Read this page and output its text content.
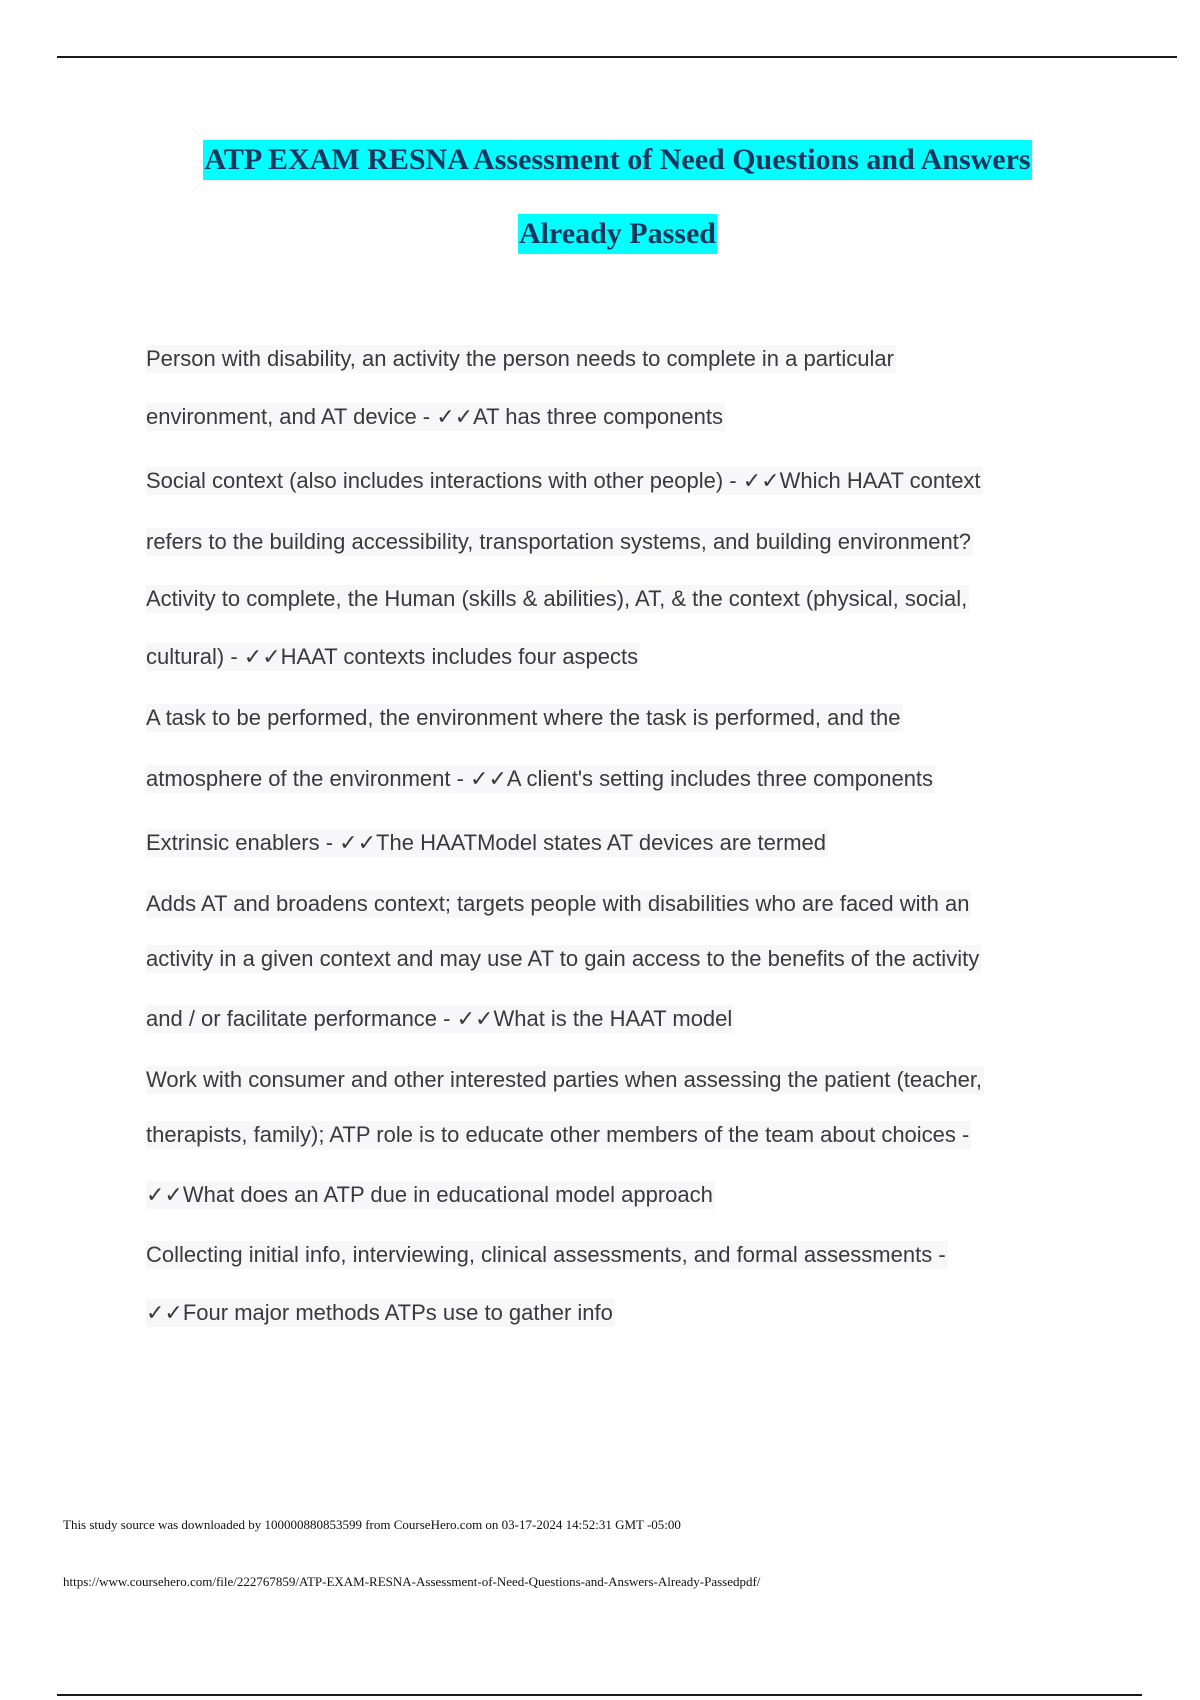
ATP EXAM RESNA Assessment of Need Questions and Answers
Already Passed
Person with disability, an activity the person needs to complete in a particular
environment, and AT device - ✓✓AT has three components
Social context (also includes interactions with other people) - ✓✓Which HAAT context
refers to the building accessibility, transportation systems, and building environment?
Activity to complete, the Human (skills & abilities), AT, & the context (physical, social,
cultural) - ✓✓HAAT contexts includes four aspects
A task to be performed, the environment where the task is performed, and the
atmosphere of the environment - ✓✓A client's setting includes three components
Extrinsic enablers - ✓✓The HAATModel states AT devices are termed
Adds AT and broadens context; targets people with disabilities who are faced with an
activity in a given context and may use AT to gain access to the benefits of the activity
and / or facilitate performance - ✓✓What is the HAAT model
Work with consumer and other interested parties when assessing the patient (teacher,
therapists, family); ATP role is to educate other members of the team about choices -
✓✓What does an ATP due in educational model approach
Collecting initial info, interviewing, clinical assessments, and formal assessments -
✓✓Four major methods ATPs use to gather info
This study source was downloaded by 100000880853599 from CourseHero.com on 03-17-2024 14:52:31 GMT -05:00
https://www.coursehero.com/file/222767859/ATP-EXAM-RESNA-Assessment-of-Need-Questions-and-Answers-Already-Passedpdf/
